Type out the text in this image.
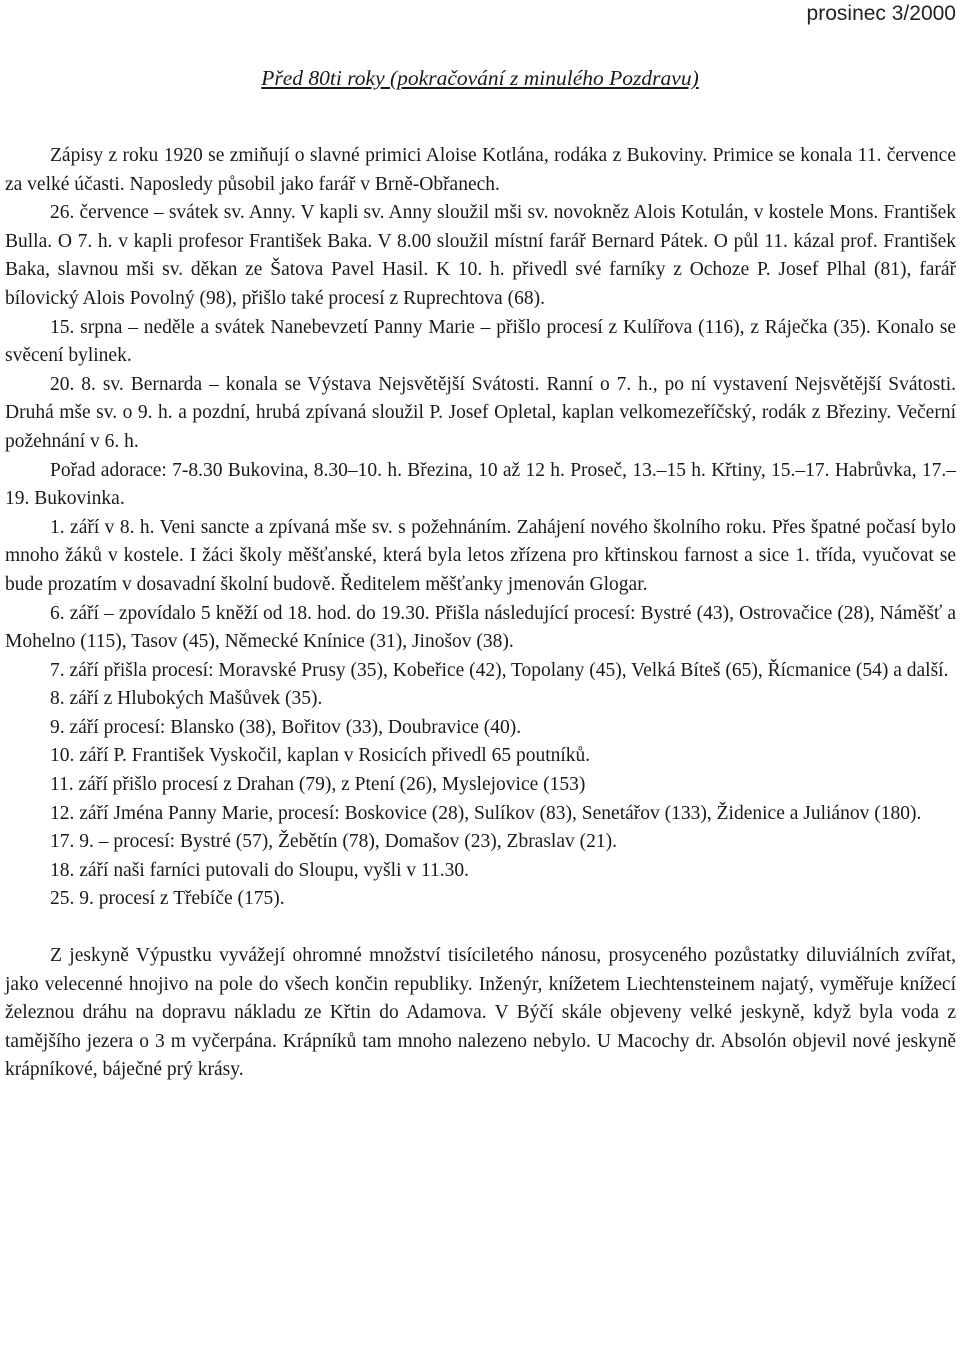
prosinec 3/2000
Před 80ti roky (pokračování z minulého Pozdravu)

Zápisy z roku 1920 se zmiňují o slavné primici Aloise Kotlána, rodáka z Bukoviny. Primice se konala 11. července za velké účasti. Naposledy působil jako farář v Brně-Obřanech.

26. července – svátek sv. Anny. V kapli sv. Anny sloužil mši sv. novokněz Alois Kotulán, v kostele Mons. František Bulla. O 7. h. v kapli profesor František Baka. V 8.00 sloužil místní farář Bernard Pátek. O půl 11. kázal prof. František Baka, slavnou mši sv. děkan ze Šatova Pavel Hasil. K 10. h. přivedl své farníky z Ochoze P. Josef Plhal (81), farář bílovický Alois Povolný (98), přišlo také procesí z Ruprechtova (68).

15. srpna – neděle a svátek Nanebevzetí Panny Marie – přišlo procesí z Kulířova (116), z Ráječka (35). Konalo se svěcení bylinek.

20. 8. sv. Bernarda – konala se Výstava Nejsvětější Svátosti. Ranní o 7. h., po ní vystavení Nejsvětější Svátosti. Druhá mše sv. o 9. h. a pozdní, hrubá zpívaná sloužil P. Josef Opletal, kaplan velkomezeříčský, rodák z Březiny. Večerní požehnání v 6. h.

Pořad adorace: 7-8.30 Bukovina, 8.30–10. h. Březina, 10 až 12 h. Proseč, 13.–15 h. Křtiny, 15.–17. Habrůvka, 17.–19. Bukovinka.

1. září v 8. h. Veni sancte a zpívaná mše sv. s požehnáním. Zahájení nového školního roku. Přes špatné počasí bylo mnoho žáků v kostele. I žáci školy měšťanské, která byla letos zřízena pro křtinskou farnost a sice 1. třída, vyučovat se bude prozatím v dosavadní školní budově. Ředitelem měšťanky jmenován Glogar.

6. září – zpovídalo 5 kněží od 18. hod. do 19.30. Přišla následující procesí: Bystré (43), Ostrovačice (28), Náměšť a Mohelno (115), Tasov (45), Německé Knínice (31), Jinošov (38).

7. září přišla procesí: Moravské Prusy (35), Kobeřice (42), Topolany (45), Velká Bíteš (65), Řícmanice (54) a další.

8. září z Hlubokých Mašůvek (35).

9. září procesí: Blansko (38), Bořitov (33), Doubravice (40).

10. září P. František Vyskočil, kaplan v Rosicích přivedl 65 poutníků.

11. září přišlo procesí z Drahan (79), z Ptení (26), Myslejovice (153)

12. září Jména Panny Marie, procesí: Boskovice (28), Sulíkov (83), Senetářov (133), Židenice a Juliánov (180).

17. 9. – procesí: Bystré (57), Žebětín (78), Domašov (23), Zbraslav (21).

18. září naši farníci putovali do Sloupu, vyšli v 11.30.

25. 9. procesí z Třebíče (175).

Z jeskyně Výpustku vyvážejí ohromné množství tisíciletého nánosu, prosyceného pozůstatky diluviálních zvířat, jako velecenné hnojivo na pole do všech končin republiky. Inženýr, knížetem Liechtensteinem najatý, vyměřuje knížecí železnou dráhu na dopravu nákladu ze Křtin do Adamova. V Býčí skále objeveny velké jeskyně, když byla voda z tamějšího jezera o 3 m vyčerpána. Krápníků tam mnoho nalezeno nebylo. U Macochy dr. Absolón objevil nové jeskyně krápníkové, báječné prý krásy.
